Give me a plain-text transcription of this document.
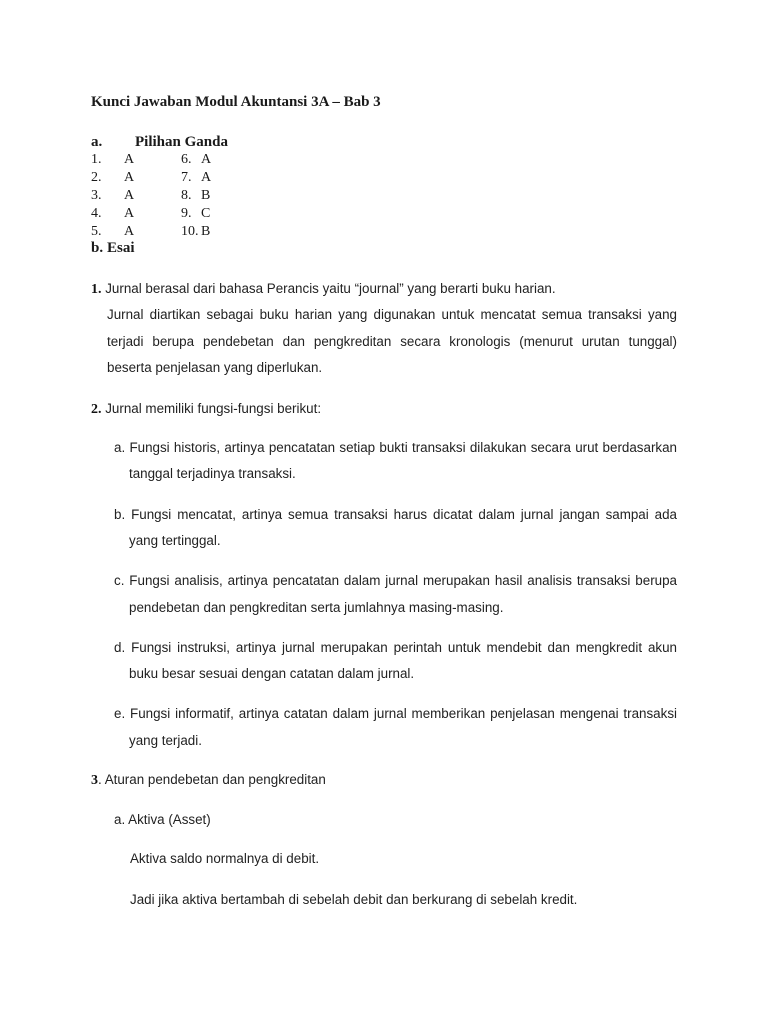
Kunci Jawaban Modul Akuntansi 3A – Bab 3
a. Pilihan Ganda
1. A	6. A
2. A	7. A
3. A	8. B
4. A	9. C
5. A	10. B
b. Esai
1. Jurnal berasal dari bahasa Perancis yaitu “journal” yang berarti buku harian.
Jurnal diartikan sebagai buku harian yang digunakan untuk mencatat semua transaksi yang
terjadi berupa pendebetan dan pengkreditan secara kronologis (menurut urutan tunggal)
beserta penjelasan yang diperlukan.
2. Jurnal memiliki fungsi-fungsi berikut:
a. Fungsi historis, artinya pencatatan setiap bukti transaksi dilakukan secara urut berdasarkan
tanggal terjadinya transaksi.
b. Fungsi mencatat, artinya semua transaksi harus dicatat dalam jurnal jangan sampai ada
yang tertinggal.
c. Fungsi analisis, artinya pencatatan dalam jurnal merupakan hasil analisis transaksi berupa
pendebetan dan pengkreditan serta jumlahnya masing-masing.
d. Fungsi instruksi, artinya jurnal merupakan perintah untuk mendebit dan mengkredit akun
buku besar sesuai dengan catatan dalam jurnal.
e. Fungsi informatif, artinya catatan dalam jurnal memberikan penjelasan mengenai transaksi
yang terjadi.
3. Aturan pendebetan dan pengkreditan
a. Aktiva (Asset)
Aktiva saldo normalnya di debit.
Jadi jika aktiva bertambah di sebelah debit dan berkurang di sebelah kredit.
